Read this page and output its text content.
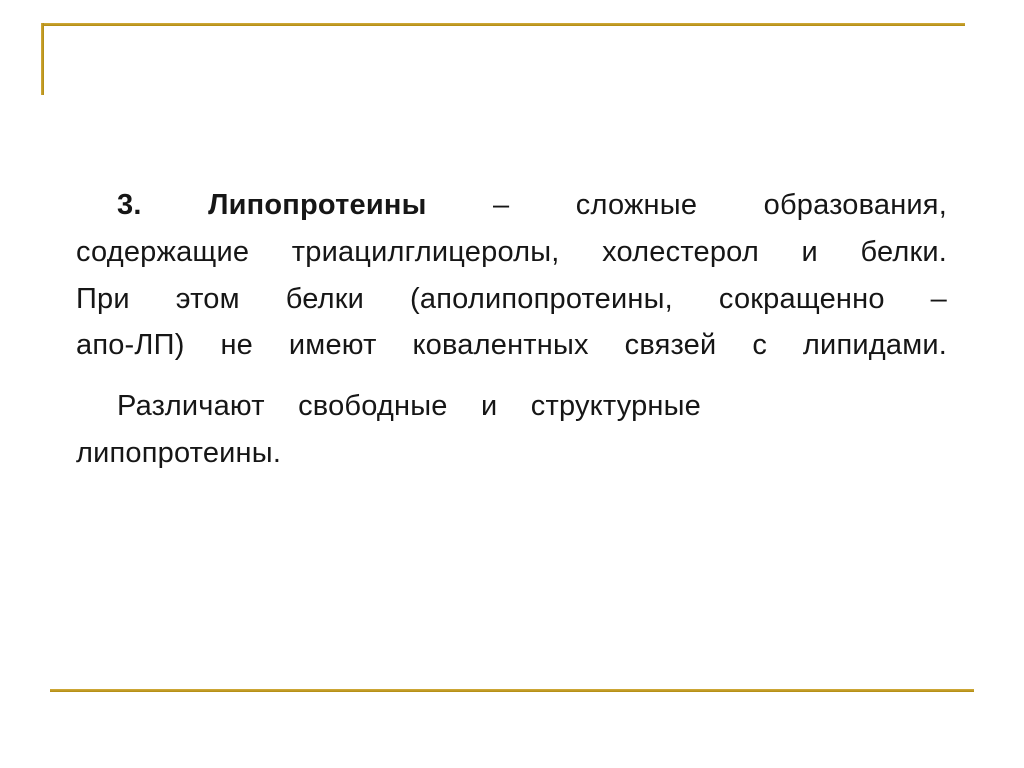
3. Липопротеины – сложные образования,
содержащие триацилглицеролы, холестерол и белки.
При этом белки (аполипопротеины, сокращенно –
апо-ЛП) не имеют ковалентных связей с липидами.
Различают свободные и структурные
липопротеины.
